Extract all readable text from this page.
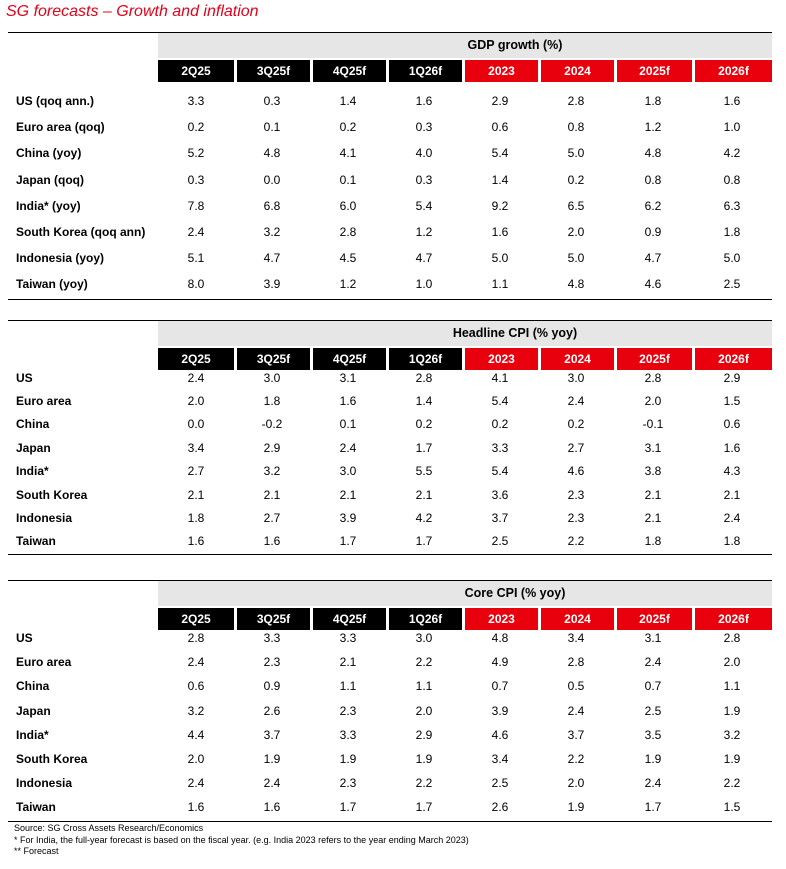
SG forecasts – Growth and inflation
GDP growth (%)
2Q25	3Q25f	4Q25f	1Q26f	2023	2024	2025f	2026f
US (qoq ann.)	3.3	0.3	1.4	1.6	2.9	2.8	1.8	1.6
Euro area (qoq)	0.2	0.1	0.2	0.3	0.6	0.8	1.2	1.0
China (yoy)	5.2	4.8	4.1	4.0	5.4	5.0	4.8	4.2
Japan (qoq)	0.3	0.0	0.1	0.3	1.4	0.2	0.8	0.8
India* (yoy)	7.8	6.8	6.0	5.4	9.2	6.5	6.2	6.3
South Korea (qoq ann)	2.4	3.2	2.8	1.2	1.6	2.0	0.9	1.8
Indonesia (yoy)	5.1	4.7	4.5	4.7	5.0	5.0	4.7	5.0
Taiwan (yoy)	8.0	3.9	1.2	1.0	1.1	4.8	4.6	2.5
Headline CPI (% yoy)
2Q25	3Q25f	4Q25f	1Q26f	2023	2024	2025f	2026f
US	2.4	3.0	3.1	2.8	4.1	3.0	2.8	2.9
Euro area	2.0	1.8	1.6	1.4	5.4	2.4	2.0	1.5
China	0.0	-0.2	0.1	0.2	0.2	0.2	-0.1	0.6
Japan	3.4	2.9	2.4	1.7	3.3	2.7	3.1	1.6
India*	2.7	3.2	3.0	5.5	5.4	4.6	3.8	4.3
South Korea	2.1	2.1	2.1	2.1	3.6	2.3	2.1	2.1
Indonesia	1.8	2.7	3.9	4.2	3.7	2.3	2.1	2.4
Taiwan	1.6	1.6	1.7	1.7	2.5	2.2	1.8	1.8
Core CPI (% yoy)
2Q25	3Q25f	4Q25f	1Q26f	2023	2024	2025f	2026f
US	2.8	3.3	3.3	3.0	4.8	3.4	3.1	2.8
Euro area	2.4	2.3	2.1	2.2	4.9	2.8	2.4	2.0
China	0.6	0.9	1.1	1.1	0.7	0.5	0.7	1.1
Japan	3.2	2.6	2.3	2.0	3.9	2.4	2.5	1.9
India*	4.4	3.7	3.3	2.9	4.6	3.7	3.5	3.2
South Korea	2.0	1.9	1.9	1.9	3.4	2.2	1.9	1.9
Indonesia	2.4	2.4	2.3	2.2	2.5	2.0	2.4	2.2
Taiwan	1.6	1.6	1.7	1.7	2.6	1.9	1.7	1.5
Source: SG Cross Assets Research/Economics
* For India, the full-year forecast is based on the fiscal year. (e.g. India 2023 refers to the year ending March 2023)
** Forecast
